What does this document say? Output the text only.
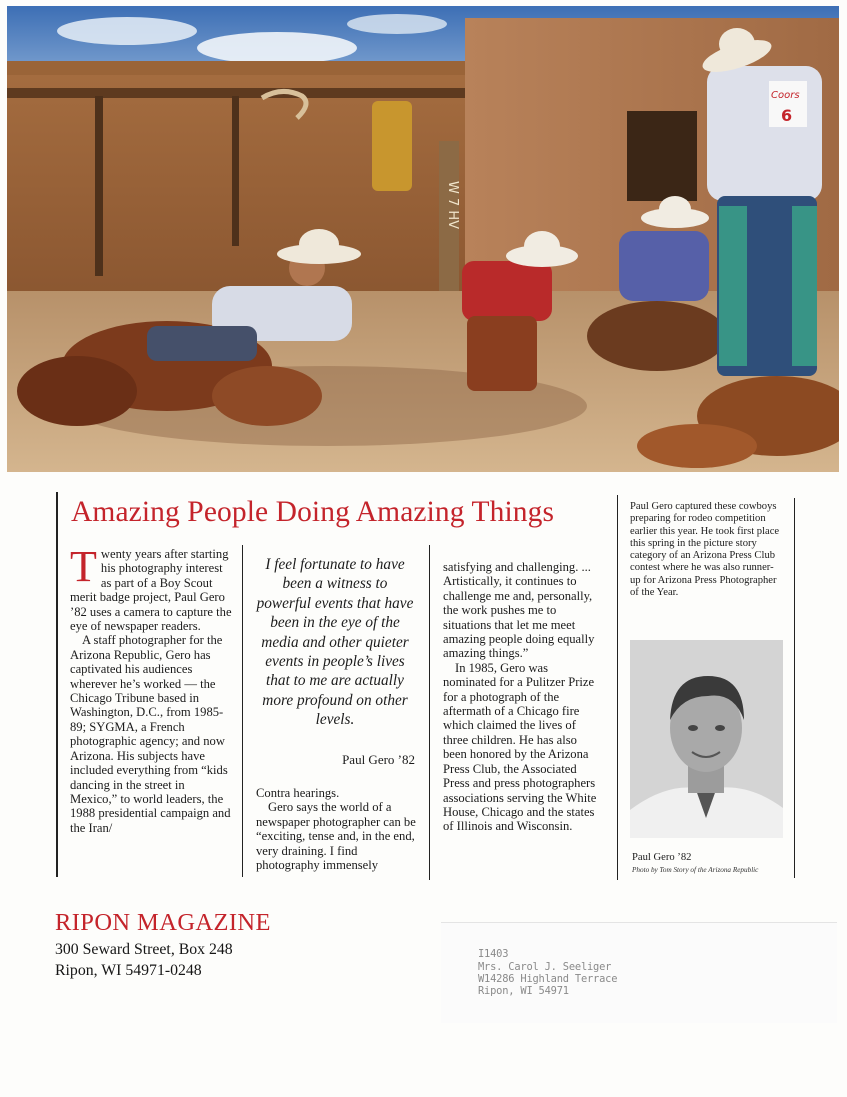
W 7 HV
Coors
6
Amazing People Doing Amazing Things

Twenty years after starting his photography interest as part of a Boy Scout merit badge project, Paul Gero ’82 uses a camera to capture the eye of newspaper readers.

A staff photographer for the Arizona Republic, Gero has captivated his audiences wherever he’s worked — the Chicago Tribune based in Washington, D.C., from 1985-89; SYGMA, a French photographic agency; and now Arizona. His subjects have included everything from “kids dancing in the street in Mexico,” to world leaders, the 1988 presidential campaign and the Iran/

I feel fortunate to have been a witness to powerful events that have been in the eye of the media and other quieter events in people’s lives that to me are actually more profound on other levels.
Paul Gero ’82

Contra hearings.

Gero says the world of a newspaper photographer can be “exciting, tense and, in the end, very draining. I find photography immensely

satisfying and challenging. ... Artistically, it continues to challenge me and, personally, the work pushes me to situations that let me meet amazing people doing equally amazing things.”

In 1985, Gero was nominated for a Pulitzer Prize for a photograph of the aftermath of a Chicago fire which claimed the lives of three children. He has also been honored by the Arizona Press Club, the Associated Press and press photographers associations serving the White House, Chicago and the states of Illinois and Wisconsin.

Paul Gero captured these cowboys preparing for rodeo competition earlier this year. He took first place this spring in the picture story category of an Arizona Press Club contest where he was also runner-up for Arizona Press Photographer of the Year.
Paul Gero ’82
Photo by Tom Story of the Arizona Republic
RIPON MAGAZINE
300 Seward Street, Box 248
Ripon, WI 54971-0248
I1403
Mrs. Carol J. Seeliger
W14286 Highland Terrace
Ripon, WI 54971
